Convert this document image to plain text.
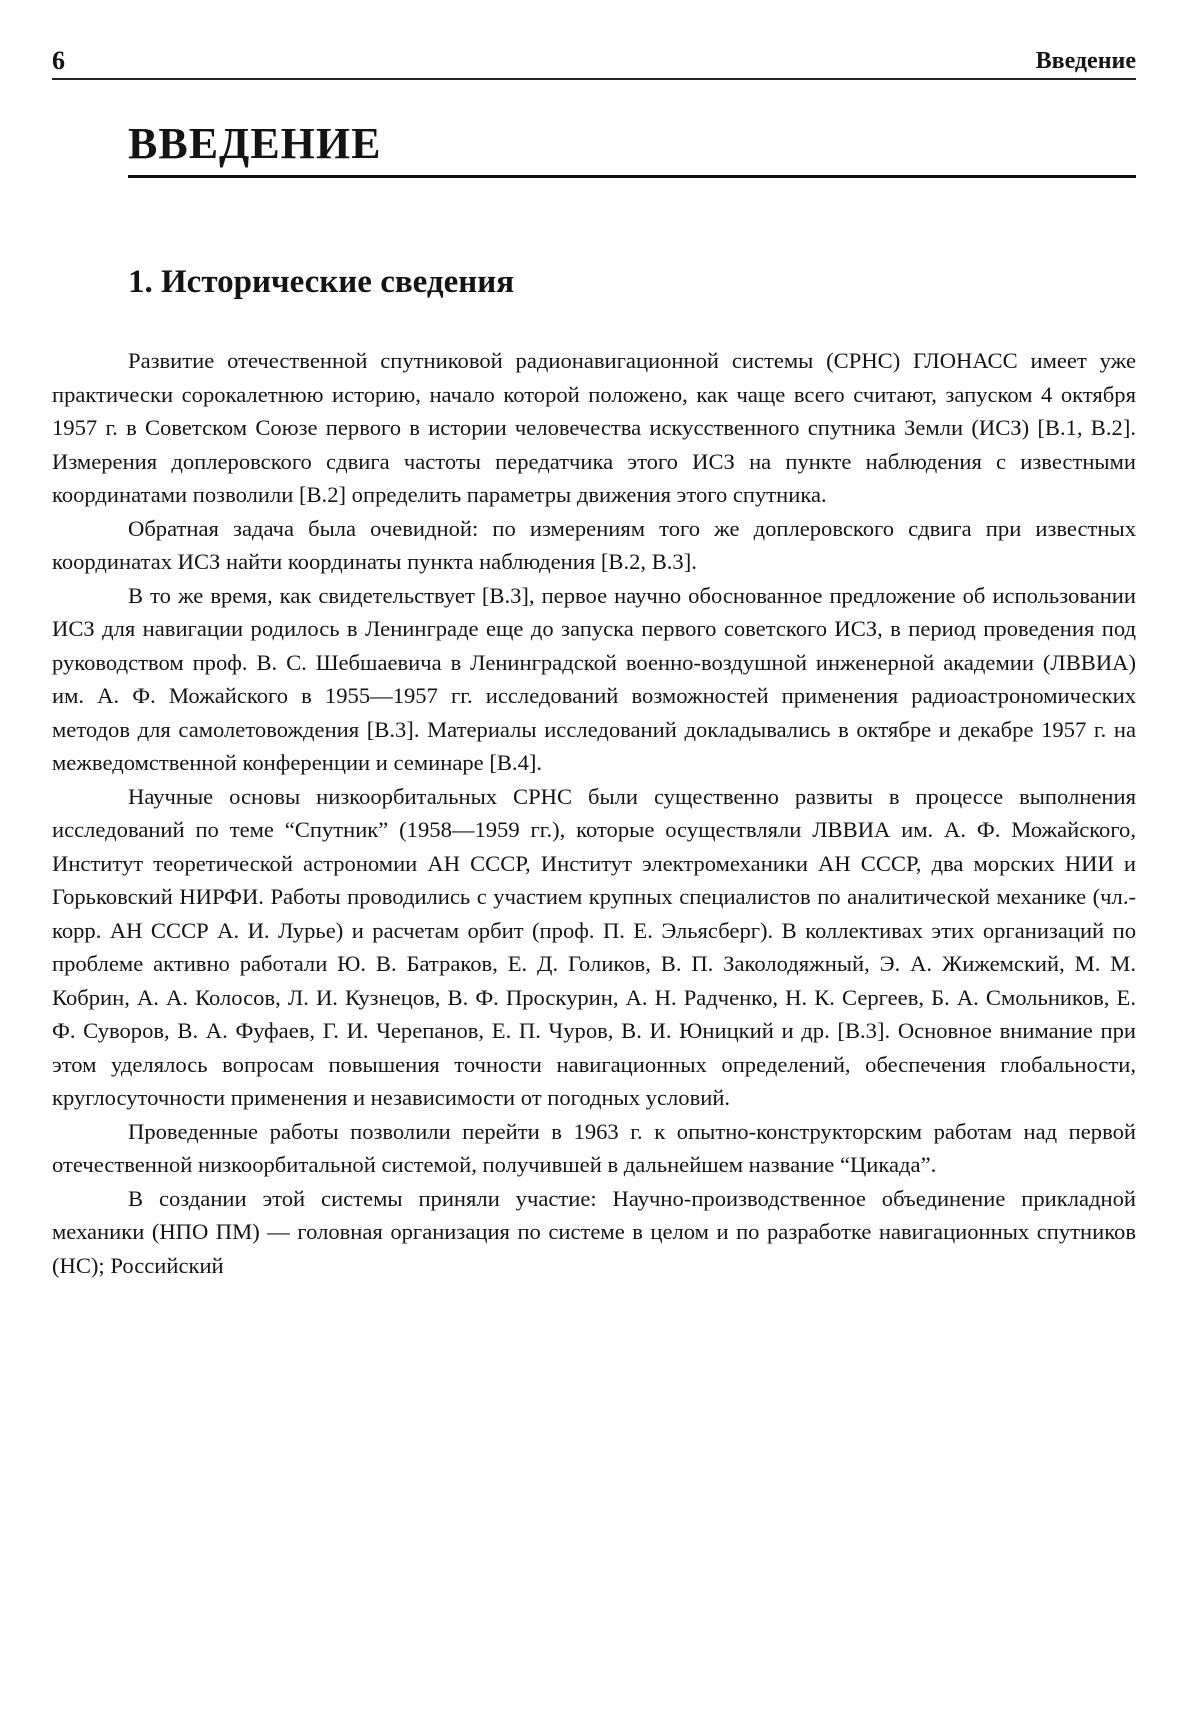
6	Введение
ВВЕДЕНИЕ
1. Исторические сведения

Развитие отечественной спутниковой радионавигационной системы (СРНС) ГЛОНАСС имеет уже практически сорокалетнюю историю, начало которой положено, как чаще всего считают, запуском 4 октября 1957 г. в Советском Союзе первого в истории человечества искусственного спутника Земли (ИСЗ) [В.1, В.2]. Измерения доплеровского сдвига частоты передатчика этого ИСЗ на пункте наблюдения с известными координатами позволили [В.2] определить параметры движения этого спутника.

Обратная задача была очевидной: по измерениям того же доплеровского сдвига при известных координатах ИСЗ найти координаты пункта наблюдения [В.2, В.3].

В то же время, как свидетельствует [В.3], первое научно обоснованное предложение об использовании ИСЗ для навигации родилось в Ленинграде еще до запуска первого советского ИСЗ, в период проведения под руководством проф. В. С. Шебшаевича в Ленинградской военно-воздушной инженерной академии (ЛВВИА) им. А. Ф. Можайского в 1955—1957 гг. исследований возможностей применения радиоастрономических методов для самолетовождения [В.3]. Материалы исследований докладывались в октябре и декабре 1957 г. на межведомственной конференции и семинаре [В.4].

Научные основы низкоорбитальных СРНС были существенно развиты в процессе выполнения исследований по теме “Спутник” (1958—1959 гг.), которые осуществляли ЛВВИА им. А. Ф. Можайского, Институт теоретической астрономии АН СССР, Институт электромеханики АН СССР, два морских НИИ и Горьковский НИРФИ. Работы проводились с участием крупных специалистов по аналитической механике (чл.-корр. АН СССР А. И. Лурье) и расчетам орбит (проф. П. Е. Эльясберг). В коллективах этих организаций по проблеме активно работали Ю. В. Батраков, Е. Д. Голиков, В. П. Заколодяжный, Э. А. Жижемский, М. М. Кобрин, А. А. Колосов, Л. И. Кузнецов, В. Ф. Проскурин, А. Н. Радченко, Н. К. Сергеев, Б. А. Смольников, Е. Ф. Суворов, В. А. Фуфаев, Г. И. Черепанов, Е. П. Чуров, В. И. Юницкий и др. [В.3]. Основное внимание при этом уделялось вопросам повышения точности навигационных определений, обеспечения глобальности, круглосуточности применения и независимости от погодных условий.

Проведенные работы позволили перейти в 1963 г. к опытно-конструкторским работам над первой отечественной низкоорбитальной системой, получившей в дальнейшем название “Цикада”.

В создании этой системы приняли участие: Научно-производственное объединение прикладной механики (НПО ПМ) — головная организация по системе в целом и по разработке навигационных спутников (НС); Российский
